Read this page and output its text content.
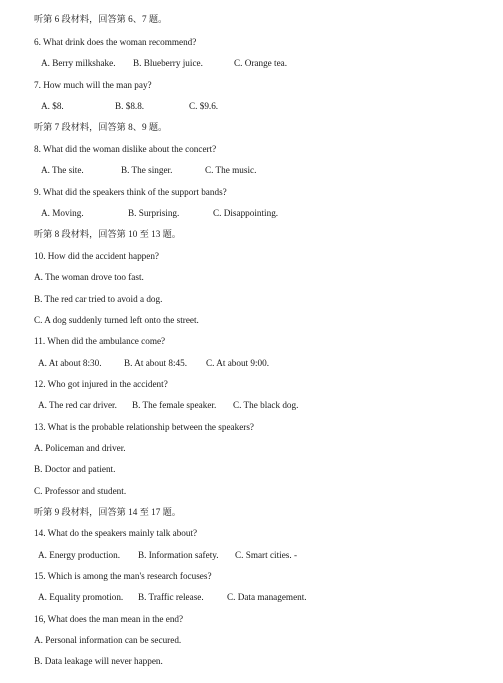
听第 6 段材料，回答第 6、7 题。
6. What drink does the woman recommend?
A. Berry milkshake. B. Blueberry juice.	C. Orange tea.
7. How much will the man pay?
A. $8.	B. $8.8.	C. $9.6.
听第 7 段材料，回答第 8、9 题。
8. What did the woman dislike about the concert?
A. The site.	B. The singer.	C. The music.
9. What did the speakers think of the support bands?
A. Moving.	B. Surprising.	C. Disappointing.
听第 8 段材料，回答第 10 至 13 题。
10. How did the accident happen?
A. The woman drove too fast.
B. The red car tried to avoid a dog.
C. A dog suddenly turned left onto the street.
11. When did the ambulance come?
A. At about 8:30. B. At about 8:45. C. At about 9:00.
12. Who got injured in the accident?
A. The red car driver. B. The female speaker. C. The black dog.
13. What is the probable relationship between the speakers?
A. Policeman and driver.
B. Doctor and patient.
C. Professor and student.
听第 9 段材料，回答第 14 至 17 题。
14. What do the speakers mainly talk about?
A. Energy production. B. Information safety. C. Smart cities. -
15. Which is among the man's research focuses?
A. Equality promotion. B. Traffic release.	C. Data management.
16, What does the man mean in the end?
A. Personal information can be secured.
B. Data leakage will never happen.
